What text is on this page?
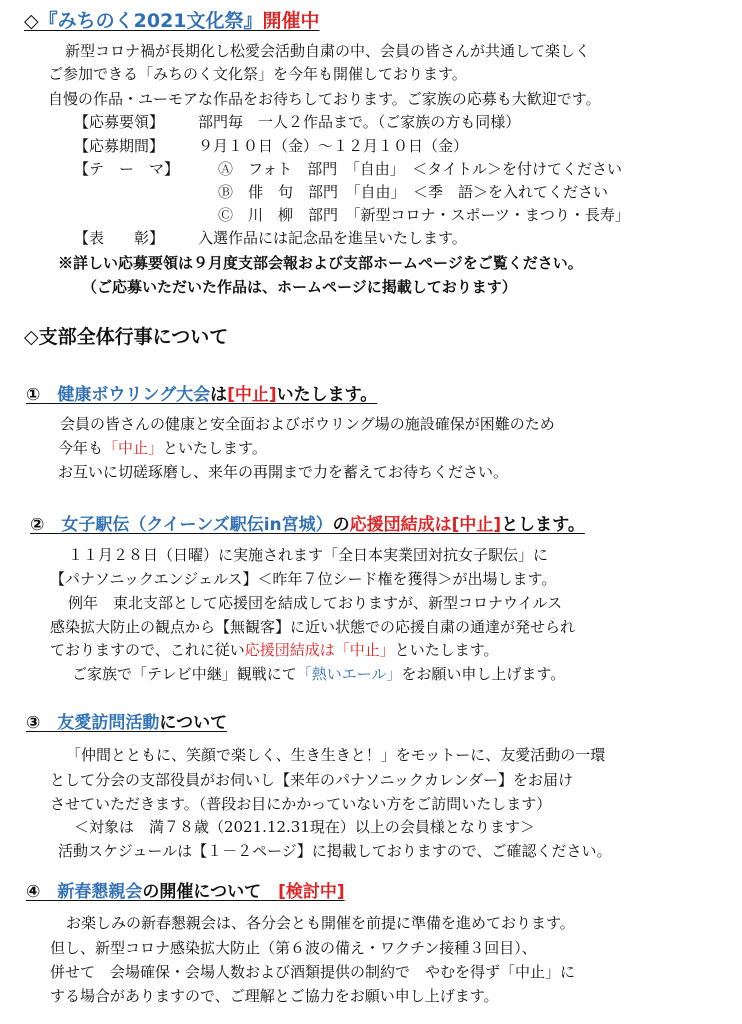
◇『みちのく2021文化祭』開催中
新型コロナ禍が長期化し松愛会活動自粛の中、会員の皆さんが共通して楽しく
ご参加できる「みちのく文化祭」を今年も開催しております。
自慢の作品・ユーモアな作品をお待ちしております。ご家族の応募も大歓迎です。
【応募要領】 部門毎　一人２作品まで。（ご家族の方も同様）
【応募期間】 ９月１０日（金）～１２月１０日（金）
【テ　ー　マ】	Ⓐ　フォト　部門　「自由」　＜タイトル＞を付けてください
Ⓑ　俳　句　部門　「自由」　＜季　語＞を入れてください
Ⓒ　川　柳　部門　「新型コロナ・スポーツ・まつり・長寿」
【表　　彰】 入選作品には記念品を進呈いたします。
※詳しい応募要領は９月度支部会報および支部ホームページをご覧ください。
（ご応募いただいた作品は、ホームページに掲載しております）
◇支部全体行事について
①　 健康ボウリング大会は[中止]いたします。
会員の皆さんの健康と安全面およびボウリング場の施設確保が困難のため
今年も「中止」といたします。
お互いに切磋琢磨し、来年の再開まで力を蓄えてお待ちください。
②　 女子駅伝（クイーンズ駅伝in宮城）の応援団結成は[中止]とします。
１１月２８日（日曜）に実施されます「全日本実業団対抗女子駅伝」に
【パナソニックエンジェルス】＜昨年７位シード権を獲得＞が出場します。
例年　東北支部として応援団を結成しておりますが、新型コロナウイルス
感染拡大防止の観点から【無観客】に近い状態での応援自粛の通達が発せられ
ておりますので、これに従い応援団結成は「中止」といたします。
ご家族で「テレビ中継」観戦にて「熱いエール」をお願い申し上げます。
③　 友愛訪問活動について
「仲間とともに、笑顔で楽しく、生き生きと！」をモットーに、友愛活動の一環
として分会の支部役員がお伺いし【来年のパナソニックカレンダー】をお届け
させていただきます。（普段お目にかかっていない方をご訪問いたします）
＜対象は　満７８歳（2021.12.31現在）以上の会員様となります＞
活動スケジュールは【１－２ページ】に掲載しておりますので、ご確認ください。
④　 新春懇親会の開催について　 [検討中]
お楽しみの新春懇親会は、各分会とも開催を前提に準備を進めております。
但し、新型コロナ感染拡大防止（第６波の備え・ワクチン接種３回目）、
併せて　会場確保・会場人数および酒類提供の制約で　やむを得ず「中止」に
する場合がありますので、ご理解とご協力をお願い申し上げます。
